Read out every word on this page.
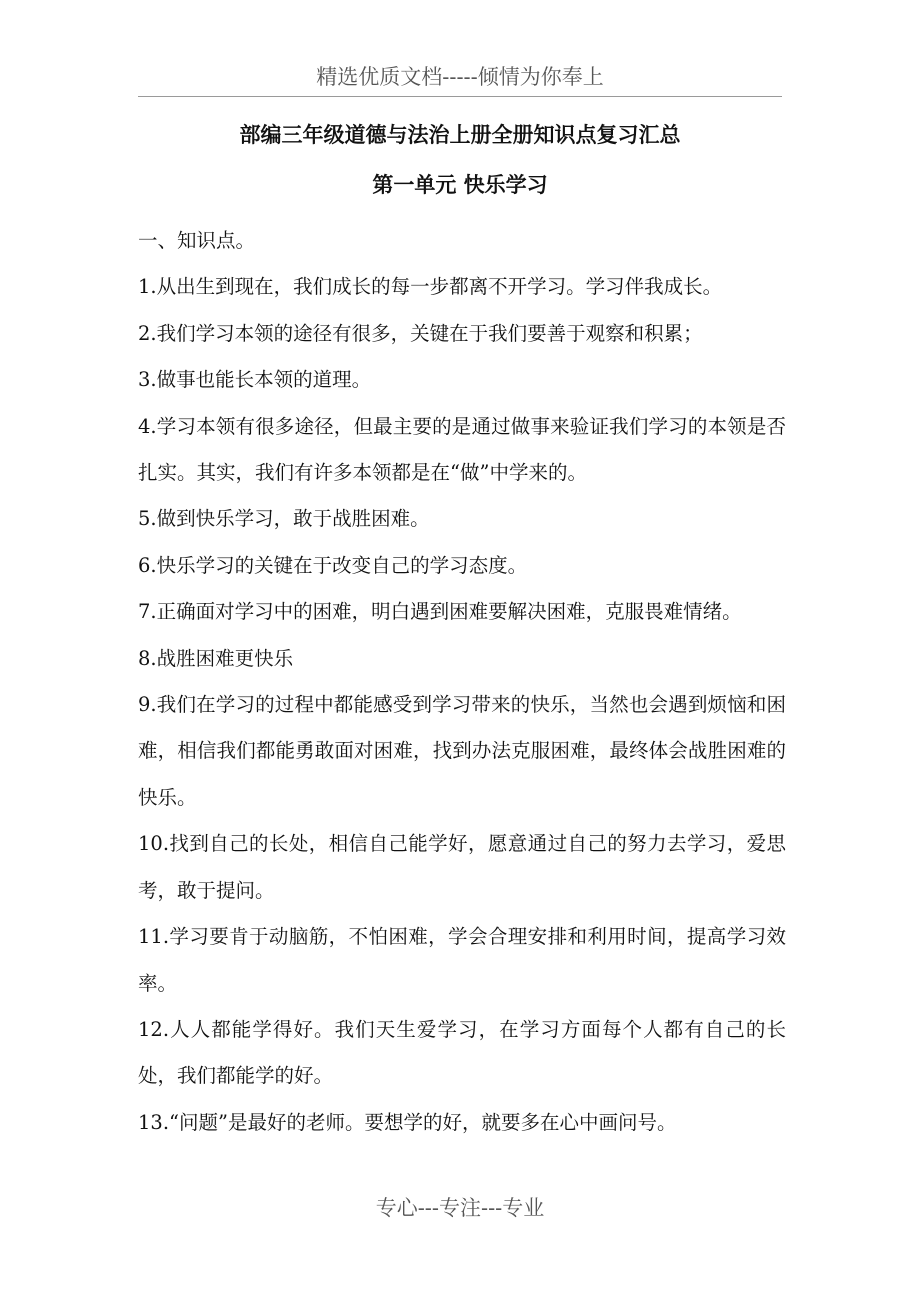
精选优质文档-----倾情为你奉上
部编三年级道德与法治上册全册知识点复习汇总
第一单元 快乐学习

一、知识点。

1.从出生到现在，我们成长的每一步都离不开学习。学习伴我成长。

2.我们学习本领的途径有很多，关键在于我们要善于观察和积累；

3.做事也能长本领的道理。

4.学习本领有很多途径，但最主要的是通过做事来验证我们学习的本领是否扎实。其实，我们有许多本领都是在“做”中学来的。

5.做到快乐学习，敢于战胜困难。

6.快乐学习的关键在于改变自己的学习态度。

7.正确面对学习中的困难，明白遇到困难要解决困难，克服畏难情绪。

8.战胜困难更快乐

9.我们在学习的过程中都能感受到学习带来的快乐，当然也会遇到烦恼和困难，相信我们都能勇敢面对困难，找到办法克服困难，最终体会战胜困难的快乐。

10.找到自己的长处，相信自己能学好，愿意通过自己的努力去学习，爱思考，敢于提问。

11.学习要肯于动脑筋，不怕困难，学会合理安排和利用时间，提高学习效率。

12.人人都能学得好。我们天生爱学习，在学习方面每个人都有自己的长处，我们都能学的好。

13.“问题”是最好的老师。要想学的好，就要多在心中画问号。

专心---专注---专业
